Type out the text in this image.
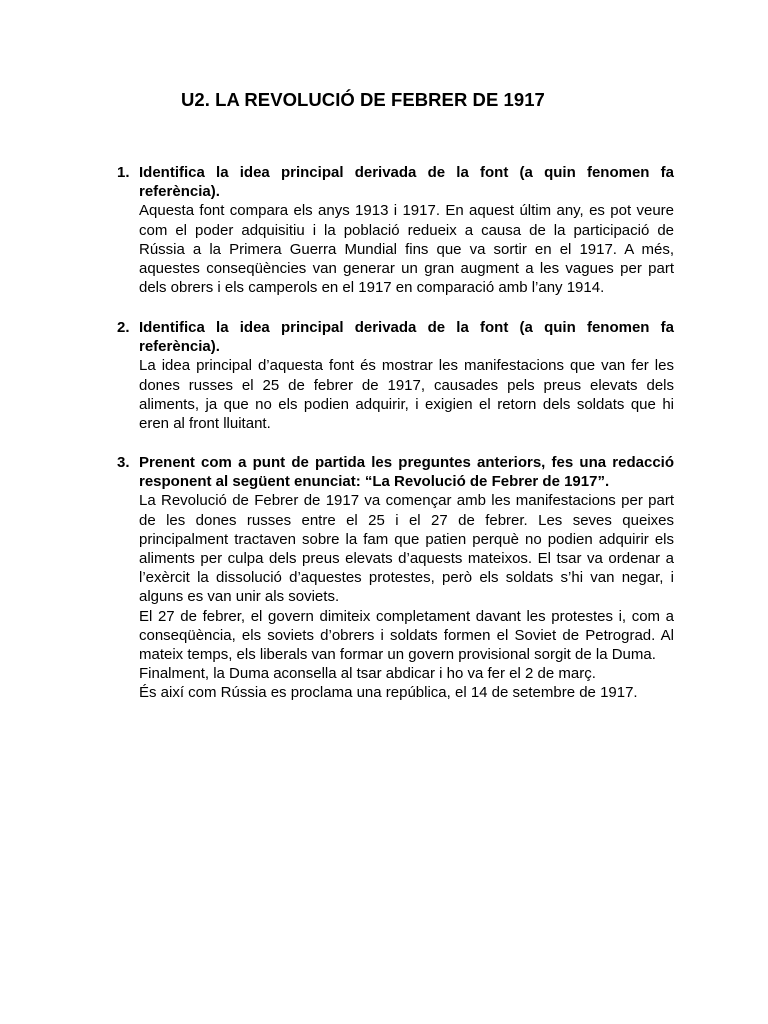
U2. LA REVOLUCIÓ DE FEBRER DE 1917
1. Identifica la idea principal derivada de la font (a quin fenomen fa referència).

Aquesta font compara els anys 1913 i 1917. En aquest últim any, es pot veure com el poder adquisitiu i la població redueix a causa de la participació de Rússia a la Primera Guerra Mundial fins que va sortir en el 1917. A més, aquestes conseqüències van generar un gran augment a les vagues per part dels obrers i els camperols en el 1917 en comparació amb l’any 1914.

2. Identifica la idea principal derivada de la font (a quin fenomen fa referència).

La idea principal d’aquesta font és mostrar les manifestacions que van fer les dones russes el 25 de febrer de 1917, causades pels preus elevats dels aliments, ja que no els podien adquirir, i exigien el retorn dels soldats que hi eren al front lluitant.

3. Prenent com a punt de partida les preguntes anteriors, fes una redacció responent al següent enunciat: “La Revolució de Febrer de 1917”.

La Revolució de Febrer de 1917 va començar amb les manifestacions per part de les dones russes entre el 25 i el 27 de febrer. Les seves queixes principalment tractaven sobre la fam que patien perquè no podien adquirir els aliments per culpa dels preus elevats d’aquests mateixos. El tsar va ordenar a l’exèrcit la dissolució d’aquestes protestes, però els soldats s’hi van negar, i alguns es van unir als soviets.

El 27 de febrer, el govern dimiteix completament davant les protestes i, com a conseqüència, els soviets d’obrers i soldats formen el Soviet de Petrograd. Al mateix temps, els liberals van formar un govern provisional sorgit de la Duma.

Finalment, la Duma aconsella al tsar abdicar i ho va fer el 2 de març.

És així com Rússia es proclama una república, el 14 de setembre de 1917.
